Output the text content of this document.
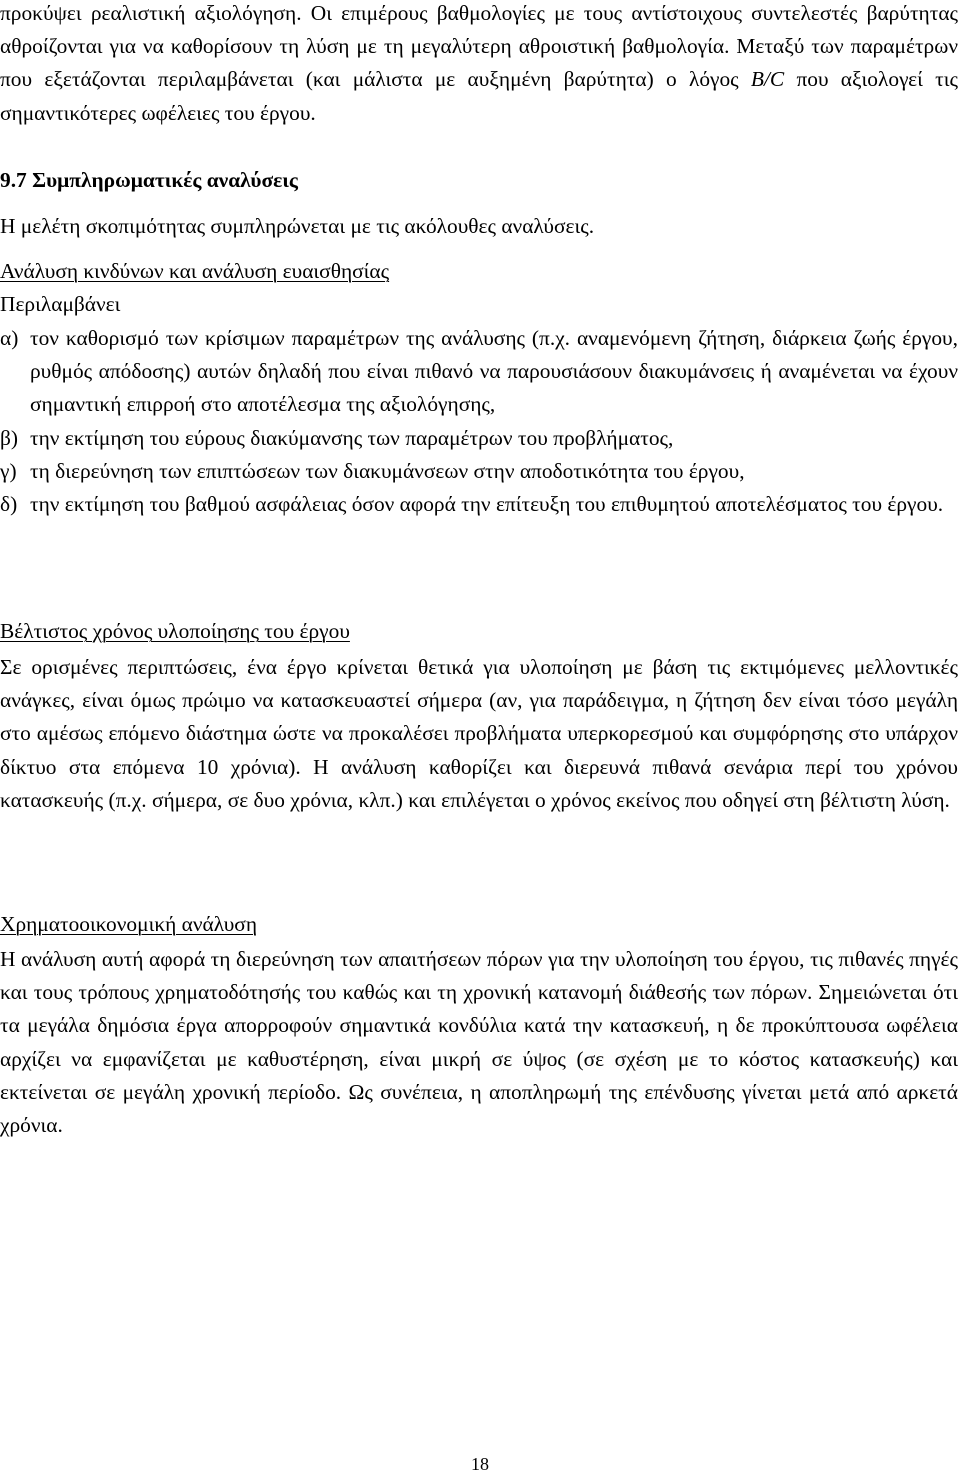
προκύψει ρεαλιστική αξιολόγηση. Οι επιμέρους βαθμολογίες με τους αντίστοιχους συντελεστές βαρύτητας αθροίζονται για να καθορίσουν τη λύση με τη μεγαλύτερη αθροιστική βαθμολογία. Μεταξύ των παραμέτρων που εξετάζονται περιλαμβάνεται (και μάλιστα με αυξημένη βαρύτητα) ο λόγος B/C που αξιολογεί τις σημαντικότερες ωφέλειες του έργου.
9.7 Συμπληρωματικές αναλύσεις
Η μελέτη σκοπιμότητας συμπληρώνεται με τις ακόλουθες αναλύσεις.
Ανάλυση κινδύνων και ανάλυση ευαισθησίας
Περιλαμβάνει
α) τον καθορισμό των κρίσιμων παραμέτρων της ανάλυσης (π.χ. αναμενόμενη ζήτηση, διάρκεια ζωής έργου, ρυθμός απόδοσης) αυτών δηλαδή που είναι πιθανό να παρουσιάσουν διακυμάνσεις ή αναμένεται να έχουν σημαντική επιρροή στο αποτέλεσμα της αξιολόγησης,
β) την εκτίμηση του εύρους διακύμανσης των παραμέτρων του προβλήματος,
γ) τη διερεύνηση των επιπτώσεων των διακυμάνσεων στην αποδοτικότητα του έργου,
δ) την εκτίμηση του βαθμού ασφάλειας όσον αφορά την επίτευξη του επιθυμητού αποτελέσματος του έργου.
Βέλτιστος χρόνος υλοποίησης του έργου
Σε ορισμένες περιπτώσεις, ένα έργο κρίνεται θετικά για υλοποίηση με βάση τις εκτιμόμενες μελλοντικές ανάγκες, είναι όμως πρώιμο να κατασκευαστεί σήμερα (αν, για παράδειγμα, η ζήτηση δεν είναι τόσο μεγάλη στο αμέσως επόμενο διάστημα ώστε να προκαλέσει προβλήματα υπερκορεσμού και συμφόρησης στο υπάρχον δίκτυο στα επόμενα 10 χρόνια). Η ανάλυση καθορίζει και διερευνά πιθανά σενάρια περί του χρόνου κατασκευής (π.χ. σήμερα, σε δυο χρόνια, κλπ.) και επιλέγεται ο χρόνος εκείνος που οδηγεί στη βέλτιστη λύση.
Χρηματοοικονομική ανάλυση
Η ανάλυση αυτή αφορά τη διερεύνηση των απαιτήσεων πόρων για την υλοποίηση του έργου, τις πιθανές πηγές και τους τρόπους χρηματοδότησής του καθώς και τη χρονική κατανομή διάθεσής των πόρων. Σημειώνεται ότι τα μεγάλα δημόσια έργα απορροφούν σημαντικά κονδύλια κατά την κατασκευή, η δε προκύπτουσα ωφέλεια αρχίζει να εμφανίζεται με καθυστέρηση, είναι μικρή σε ύψος (σε σχέση με το κόστος κατασκευής) και εκτείνεται σε μεγάλη χρονική περίοδο. Ως συνέπεια, η αποπληρωμή της επένδυσης γίνεται μετά από αρκετά χρόνια.
18
